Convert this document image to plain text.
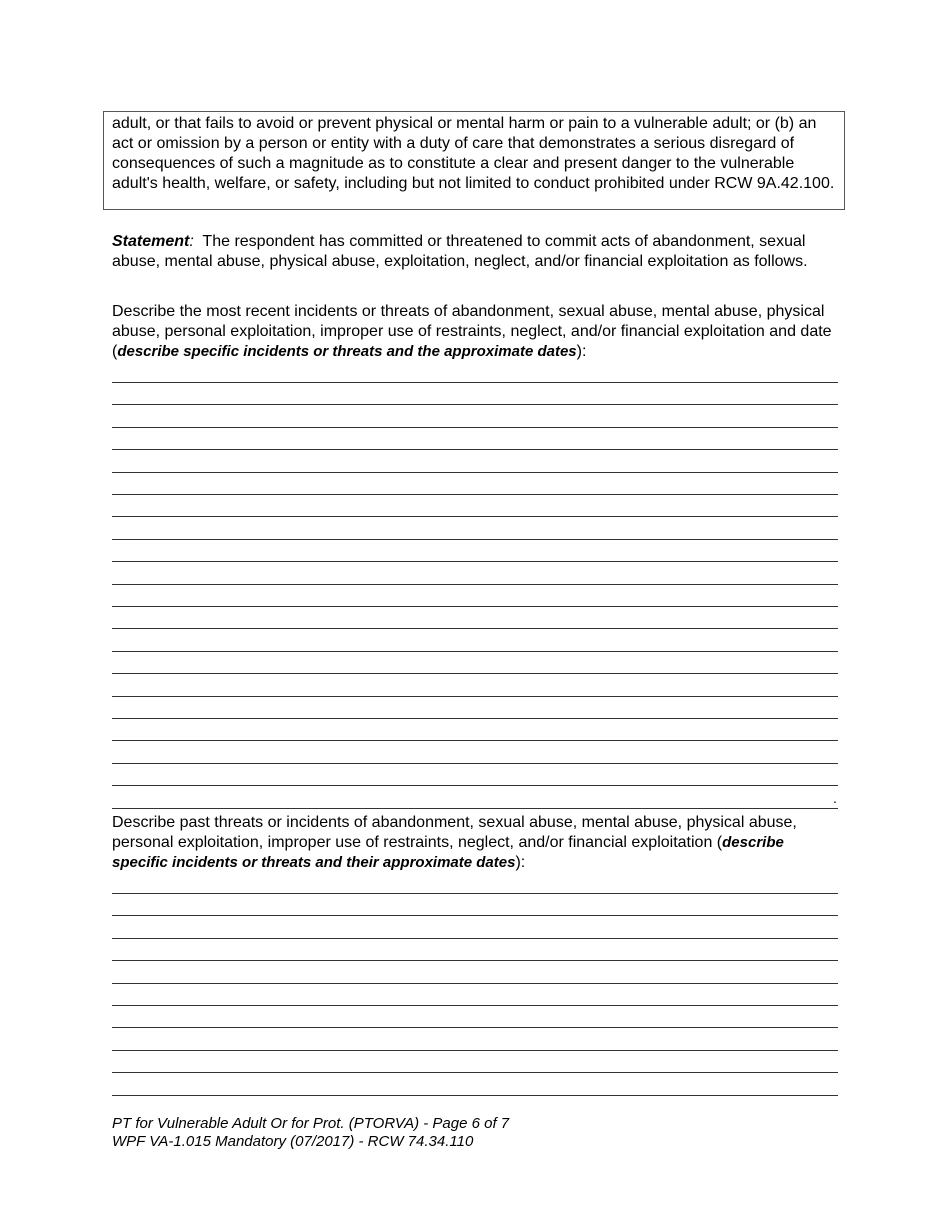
adult, or that fails to avoid or prevent physical or mental harm or pain to a vulnerable adult; or (b) an act or omission by a person or entity with a duty of care that demonstrates a serious disregard of consequences of such a magnitude as to constitute a clear and present danger to the vulnerable adult's health, welfare, or safety, including but not limited to conduct prohibited under RCW 9A.42.100.

Statement: The respondent has committed or threatened to commit acts of abandonment, sexual abuse, mental abuse, physical abuse, exploitation, neglect, and/or financial exploitation as follows.

Describe the most recent incidents or threats of abandonment, sexual abuse, mental abuse, physical abuse, personal exploitation, improper use of restraints, neglect, and/or financial exploitation and date (describe specific incidents or threats and the approximate dates):

.

Describe past threats or incidents of abandonment, sexual abuse, mental abuse, physical abuse, personal exploitation, improper use of restraints, neglect, and/or financial exploitation (describe specific incidents or threats and their approximate dates):

PT for Vulnerable Adult Or for Prot. (PTORVA) - Page 6 of 7
WPF VA-1.015 Mandatory (07/2017) - RCW 74.34.110
